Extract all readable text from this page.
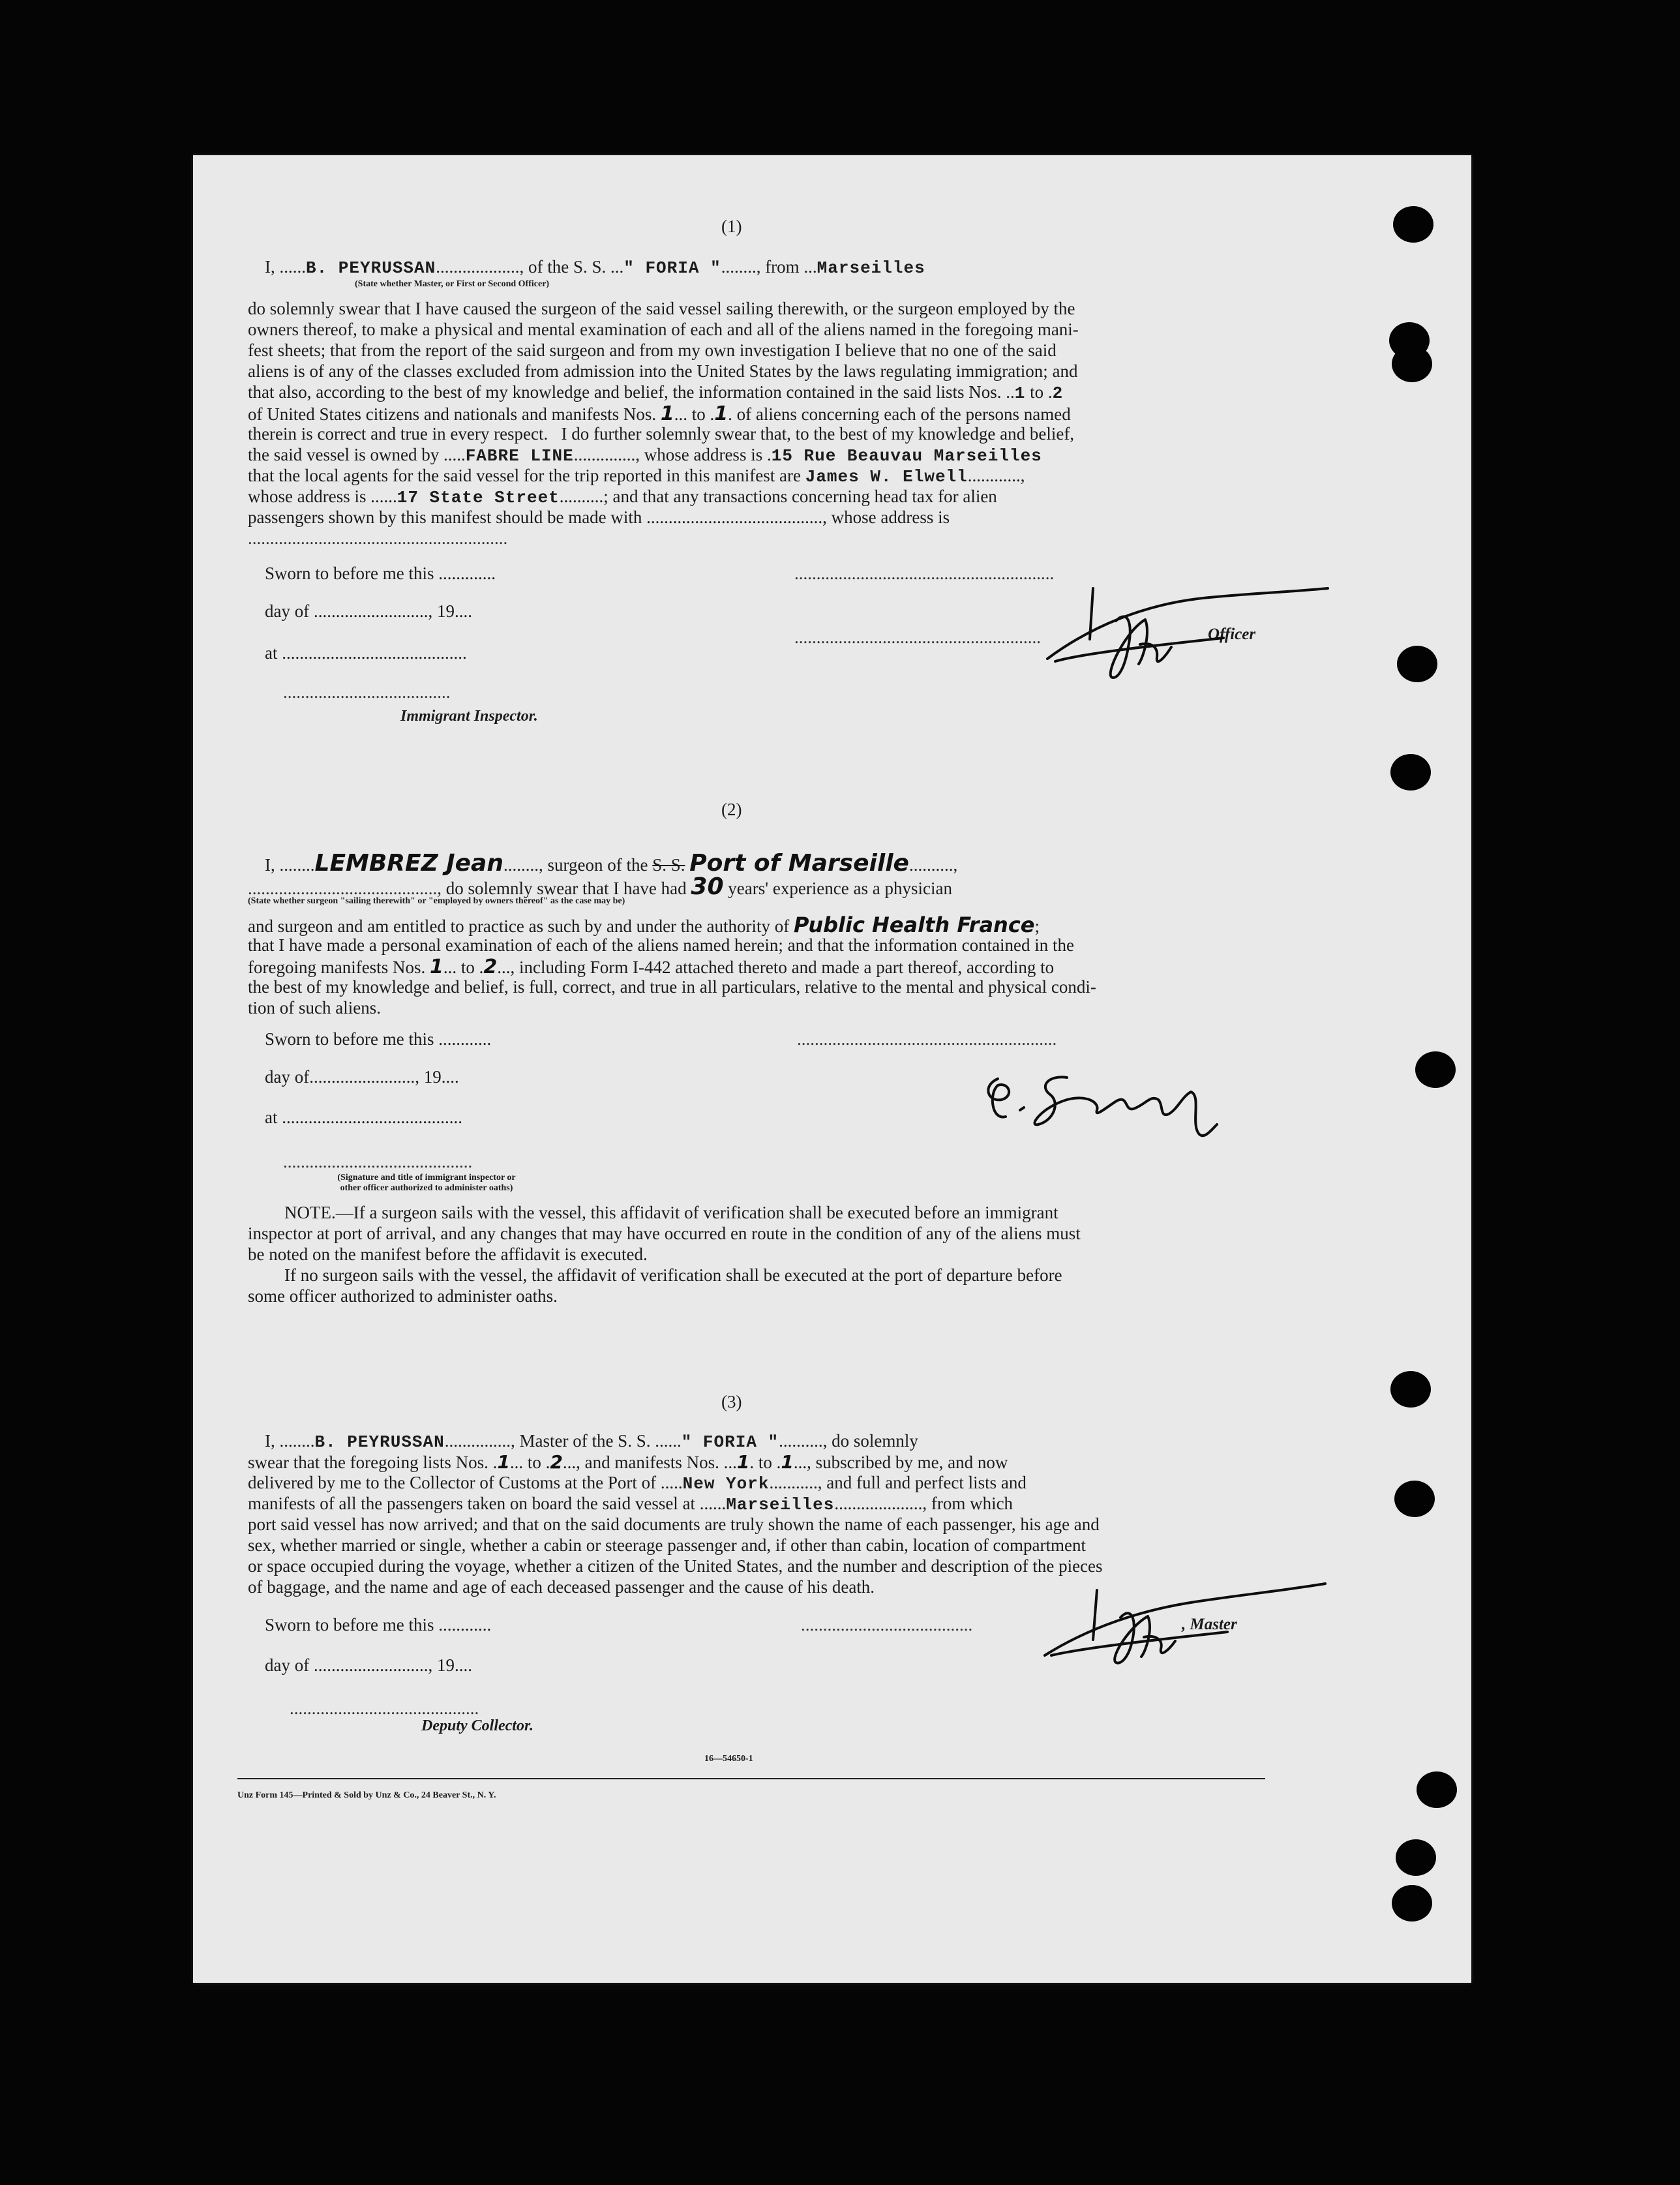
(1)
I, ......B. PEYRUSSAN..................., of the S. S. ..." FORIA "........, from ...Marseilles
(State whether Master, or First or Second Officer)
do solemnly swear that I have caused the surgeon of the said vessel sailing therewith, or the surgeon employed by the
owners thereof, to make a physical and mental examination of each and all of the aliens named in the foregoing mani-
fest sheets; that from the report of the said surgeon and from my own investigation I believe that no one of the said
aliens is of any of the classes excluded from admission into the United States by the laws regulating immigration; and
that also, according to the best of my knowledge and belief, the information contained in the said lists Nos. ..1 to .2
of United States citizens and nationals and manifests Nos. 1... to .1. of aliens concerning each of the persons named
therein is correct and true in every respect.   I do further solemnly swear that, to the best of my knowledge and belief,
the said vessel is owned by .....FABRE LINE.............., whose address is .15 Rue Beauvau Marseilles
that the local agents for the said vessel for the trip reported in this manifest are James W. Elwell............,
whose address is ......17 State Street..........; and that any transactions concerning head tax for alien
passengers shown by this manifest should be made with ........................................, whose address is
...........................................................
Sworn to before me this .............	...........................................................
day of .........................., 19....
........................................................	Officer
at ..........................................
......................................
Immigrant Inspector.
(2)
I, ........LEMBREZ Jean........, surgeon of the S. S. Port of Marseille..........,
..........................................., do solemnly swear that I have had 30 years' experience as a physician
(State whether surgeon "sailing therewith" or "employed by owners thereof" as the case may be)
and surgeon and am entitled to practice as such by and under the authority of Public Health France;
that I have made a personal examination of each of the aliens named herein; and that the information contained in the
foregoing manifests Nos. 1... to .2..., including Form I-442 attached thereto and made a part thereof, according to
the best of my knowledge and belief, is full, correct, and true in all particulars, relative to the mental and physical condi-
tion of such aliens.
Sworn to before me this ............	...........................................................
day of........................, 19....
at .........................................
...........................................
(Signature and title of immigrant inspector or
other officer authorized to administer oaths)
NOTE.—If a surgeon sails with the vessel, this affidavit of verification shall be executed before an immigrant
inspector at port of arrival, and any changes that may have occurred en route in the condition of any of the aliens must
be noted on the manifest before the affidavit is executed.
If no surgeon sails with the vessel, the affidavit of verification shall be executed at the port of departure before
some officer authorized to administer oaths.
(3)
I, ........B. PEYRUSSAN..............., Master of the S. S. ......" FORIA ".........., do solemnly
swear that the foregoing lists Nos. .1... to .2..., and manifests Nos. ...1. to .1..., subscribed by me, and now
delivered by me to the Collector of Customs at the Port of .....New York..........., and full and perfect lists and
manifests of all the passengers taken on board the said vessel at ......Marseilles...................., from which
port said vessel has now arrived; and that on the said documents are truly shown the name of each passenger, his age and
sex, whether married or single, whether a cabin or steerage passenger and, if other than cabin, location of compartment
or space occupied during the voyage, whether a citizen of the United States, and the number and description of the pieces
of baggage, and the name and age of each deceased passenger and the cause of his death.
Sworn to before me this ............	.......................................	, Master
day of .........................., 19....
...........................................
Deputy Collector.
16—54650-1
Unz Form 145—Printed & Sold by Unz & Co., 24 Beaver St., N. Y.
